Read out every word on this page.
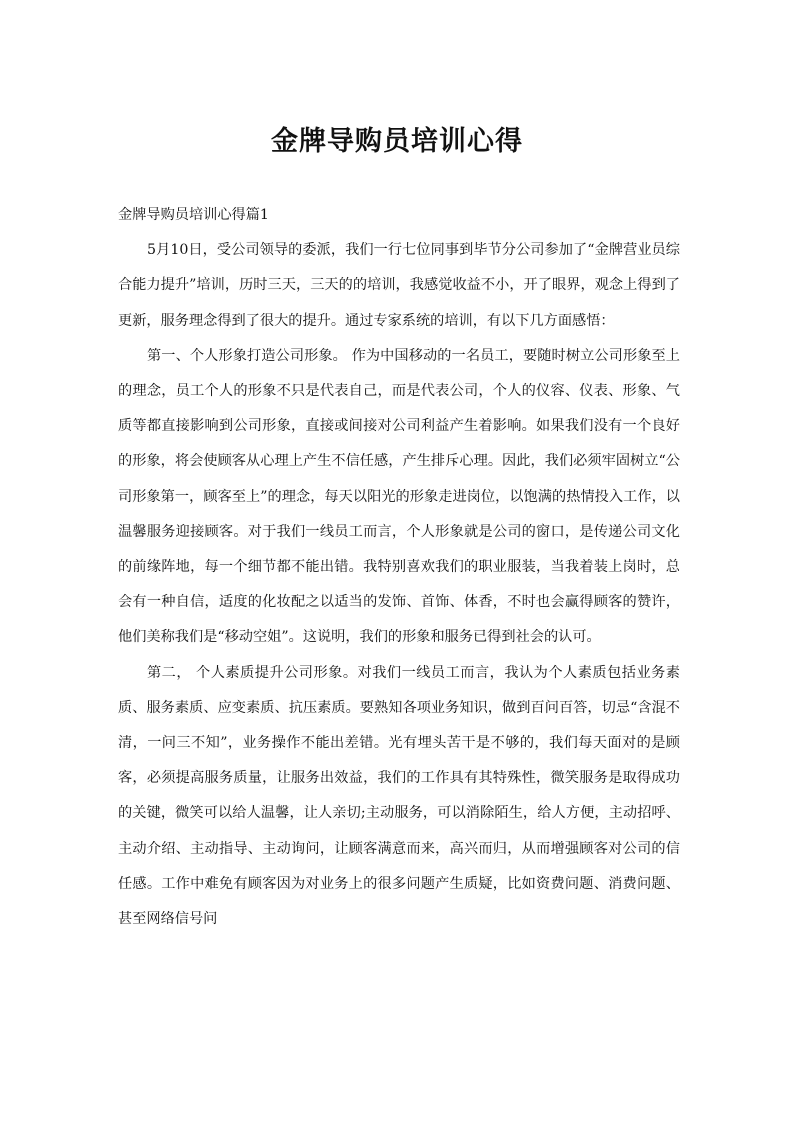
金牌导购员培训心得

金牌导购员培训心得篇1

5月10日，受公司领导的委派，我们一行七位同事到毕节分公司参加了“金牌营业员综合能力提升”培训，历时三天，三天的的培训，我感觉收益不小，开了眼界，观念上得到了更新，服务理念得到了很大的提升。通过专家系统的培训，有以下几方面感悟：

第一、个人形象打造公司形象。 作为中国移动的一名员工，要随时树立公司形象至上的理念，员工个人的形象不只是代表自己，而是代表公司，个人的仪容、仪表、形象、气质等都直接影响到公司形象，直接或间接对公司利益产生着影响。如果我们没有一个良好的形象，将会使顾客从心理上产生不信任感，产生排斥心理。因此，我们必须牢固树立“公司形象第一，顾客至上”的理念，每天以阳光的形象走进岗位，以饱满的热情投入工作，以温馨服务迎接顾客。对于我们一线员工而言，个人形象就是公司的窗口，是传递公司文化的前缘阵地，每一个细节都不能出错。我特别喜欢我们的职业服装，当我着装上岗时，总会有一种自信，适度的化妆配之以适当的发饰、首饰、体香，不时也会赢得顾客的赞许，他们美称我们是“移动空姐”。这说明，我们的形象和服务已得到社会的认可。

第二， 个人素质提升公司形象。对我们一线员工而言，我认为个人素质包括业务素质、服务素质、应变素质、抗压素质。要熟知各项业务知识，做到百问百答，切忌“含混不清，一问三不知”，业务操作不能出差错。光有埋头苦干是不够的，我们每天面对的是顾客，必须提高服务质量，让服务出效益，我们的工作具有其特殊性，微笑服务是取得成功的关键，微笑可以给人温馨，让人亲切;主动服务，可以消除陌生，给人方便，主动招呼、主动介绍、主动指导、主动询问，让顾客满意而来，高兴而归，从而增强顾客对公司的信任感。工作中难免有顾客因为对业务上的很多问题产生质疑，比如资费问题、消费问题、甚至网络信号问
